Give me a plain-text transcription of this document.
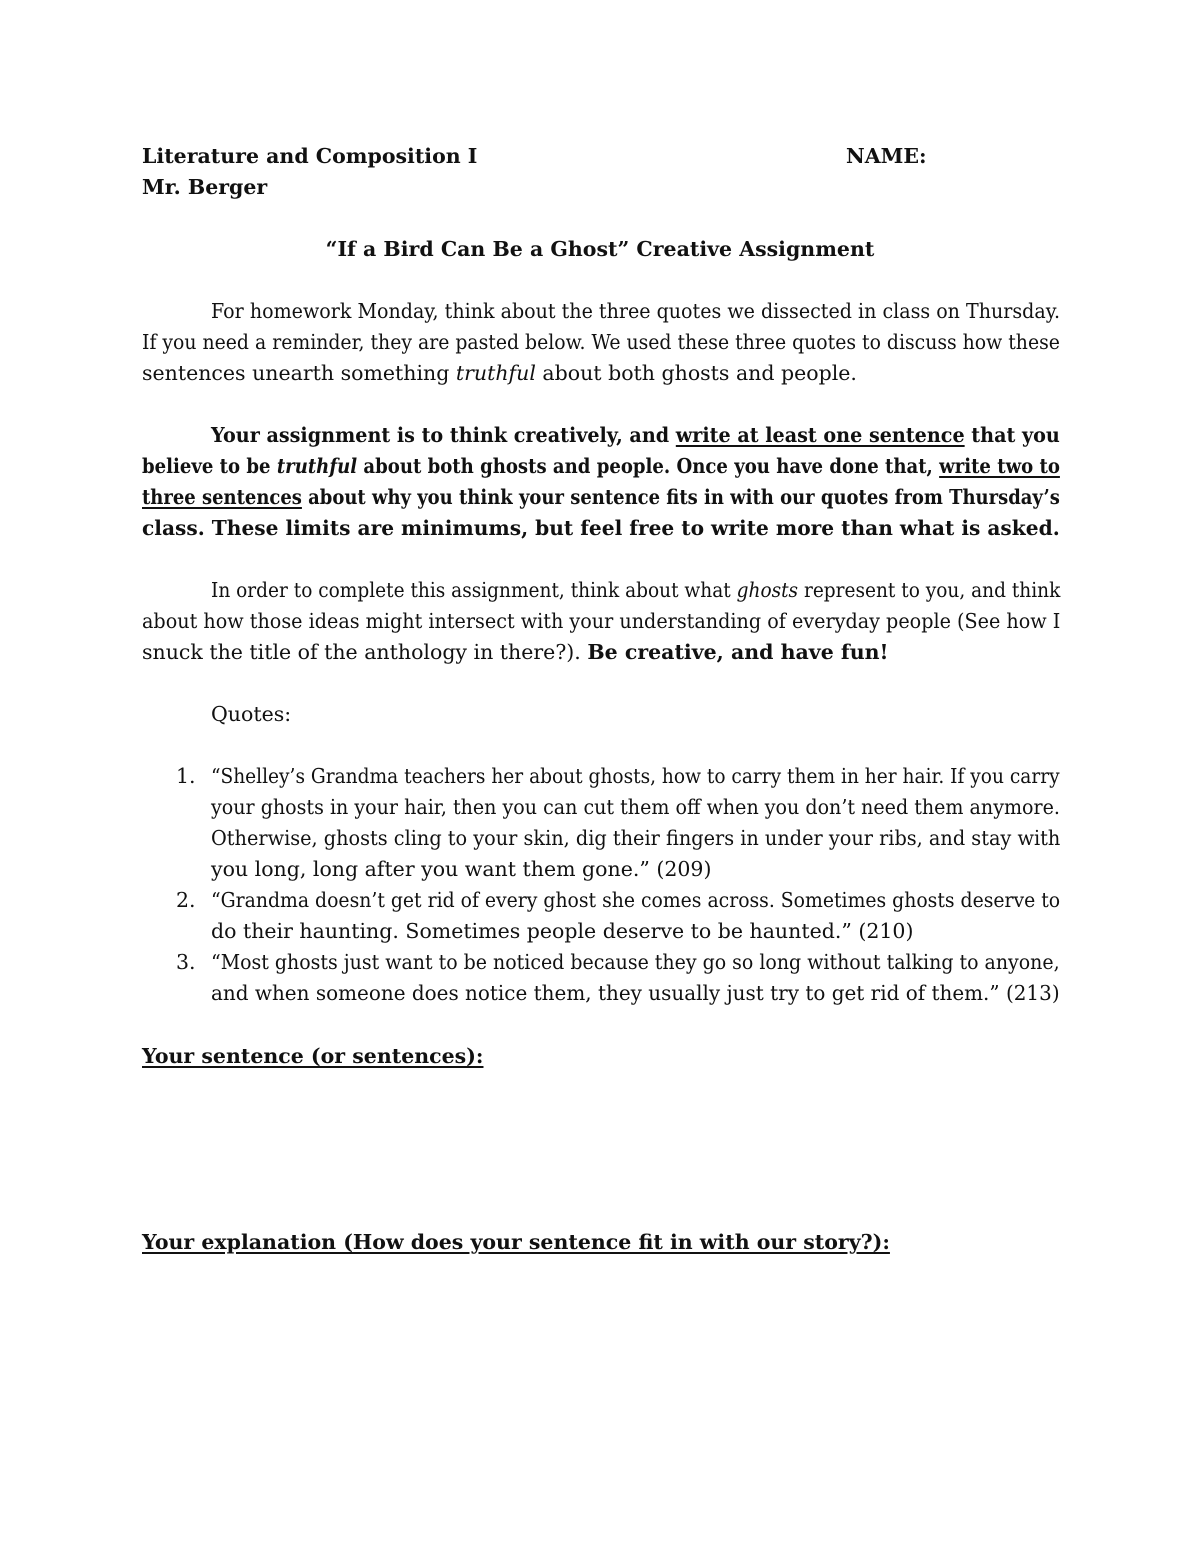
Literature and Composition I	NAME:
Mr. Berger
“If a Bird Can Be a Ghost” Creative Assignment
For homework Monday, think about the three quotes we dissected in class on Thursday.
If you need a reminder, they are pasted below. We used these three quotes to discuss how these
sentences unearth something truthful about both ghosts and people.
Your assignment is to think creatively, and write at least one sentence that you
believe to be truthful about both ghosts and people. Once you have done that, write two to
three sentences about why you think your sentence fits in with our quotes from Thursday’s
class. These limits are minimums, but feel free to write more than what is asked.
In order to complete this assignment, think about what ghosts represent to you, and think
about how those ideas might intersect with your understanding of everyday people (See how I
snuck the title of the anthology in there?). Be creative, and have fun!
Quotes:
1. “Shelley’s Grandma teachers her about ghosts, how to carry them in her hair. If you carry
your ghosts in your hair, then you can cut them off when you don’t need them anymore.
Otherwise, ghosts cling to your skin, dig their fingers in under your ribs, and stay with
you long, long after you want them gone.” (209)
2. “Grandma doesn’t get rid of every ghost she comes across. Sometimes ghosts deserve to
do their haunting. Sometimes people deserve to be haunted.” (210)
3. “Most ghosts just want to be noticed because they go so long without talking to anyone,
and when someone does notice them, they usually just try to get rid of them.” (213)
Your sentence (or sentences):
Your explanation (How does your sentence fit in with our story?):
